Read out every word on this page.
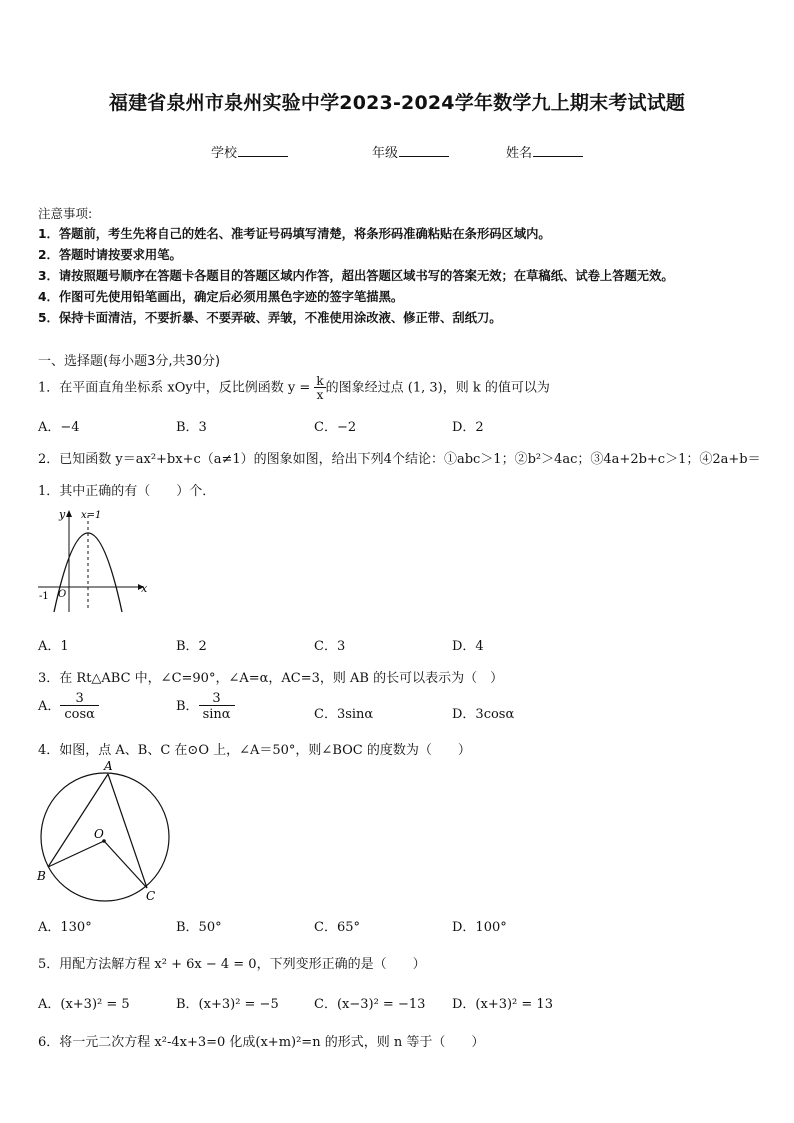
福建省泉州市泉州实验中学2023-2024学年数学九上期末考试试题
学校	年级	姓名
注意事项:
1．答题前，考生先将自己的姓名、准考证号码填写清楚，将条形码准确粘贴在条形码区域内。
2．答题时请按要求用笔。
3．请按照题号顺序在答题卡各题目的答题区域内作答，超出答题区域书写的答案无效；在草稿纸、试卷上答题无效。
4．作图可先使用铅笔画出，确定后必须用黑色字迹的签字笔描黑。
5．保持卡面清洁，不要折暴、不要弄破、弄皱，不准使用涂改液、修正带、刮纸刀。
一、选择题(每小题3分,共30分)
1．在平面直角坐标系 xOy中，反比例函数 $y = \frac{k}{x}$ 的图象经过点 (1, 3)，则 k 的值可以为
A．−4	B．3	C．−2	D．2
2．已知函数 y＝ax²+bx+c（a≠1）的图象如图，给出下列4个结论：①abc＞1；②b²＞4ac；③4a+2b+c＞1；④2a+b＝
1．其中正确的有（　　）个．
y
x
x=1
-1 O
A．1	B．2	C．3	D．4
3．在 Rt△ABC 中，∠C=90°，∠A=α，AC=3，则 AB 的长可以表示为（　）
A． $\frac{3}{\cos\alpha}$	B． $\frac{3}{\sin\alpha}$	C．3sinα	D．3cosα
4．如图，点 A、B、C 在⊙O 上，∠A＝50°，则∠BOC 的度数为（　　）
A
B
C
O
A．130°	B．50°	C．65°	D．100°
5．用配方法解方程 x² + 6x − 4 = 0，下列变形正确的是（　　）
A．(x+3)² = 5	B．(x+3)² = −5	C．(x−3)² = −13 D．(x+3)² = 13
6．将一元二次方程 x²-4x+3=0 化成(x+m)²=n 的形式，则 n 等于（　　）
